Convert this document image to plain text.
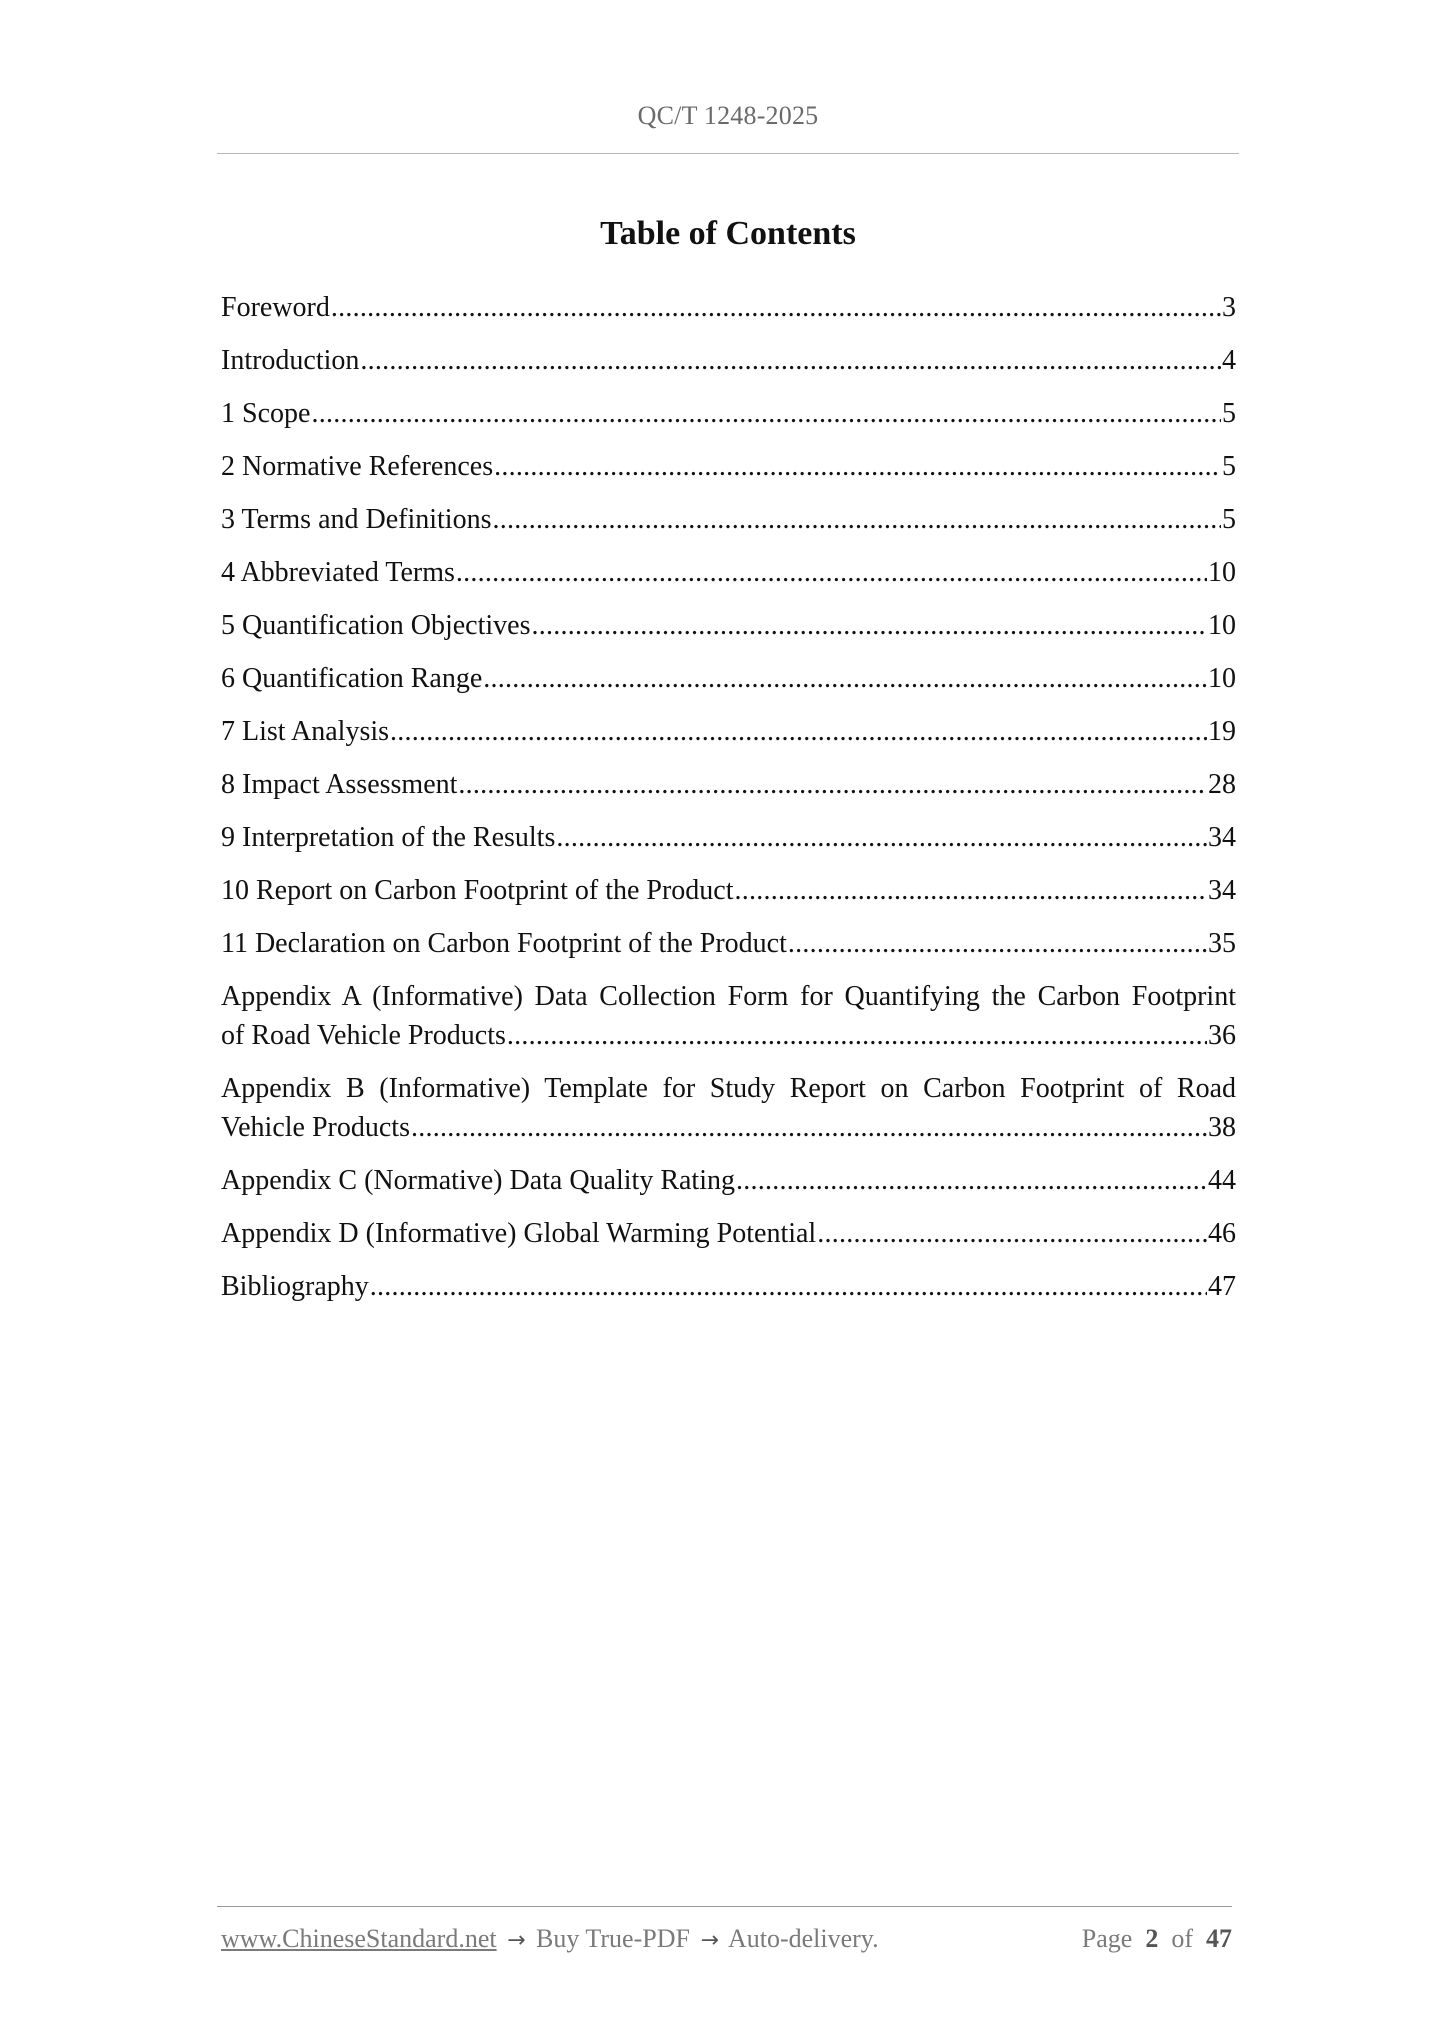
QC/T 1248-2025
Table of Contents
Foreword .....	3
Introduction .....	4
1 Scope .....	5
2 Normative References .....	5
3 Terms and Definitions .....	5
4 Abbreviated Terms .....	10
5 Quantification Objectives .....	10
6 Quantification Range .....	10
7 List Analysis .....	19
8 Impact Assessment .....	28
9 Interpretation of the Results .....	34
10 Report on Carbon Footprint of the Product .....	34
11 Declaration on Carbon Footprint of the Product .....	35
Appendix A (Informative) Data Collection Form for Quantifying the Carbon Footprint
of Road Vehicle Products .....	36
Appendix B (Informative) Template for Study Report on Carbon Footprint of Road
Vehicle Products .....	38
Appendix C (Normative) Data Quality Rating .....	44
Appendix D (Informative) Global Warming Potential .....	46
Bibliography .....	47
www.ChineseStandard.net → Buy True-PDF → Auto-delivery.	Page 2 of 47
